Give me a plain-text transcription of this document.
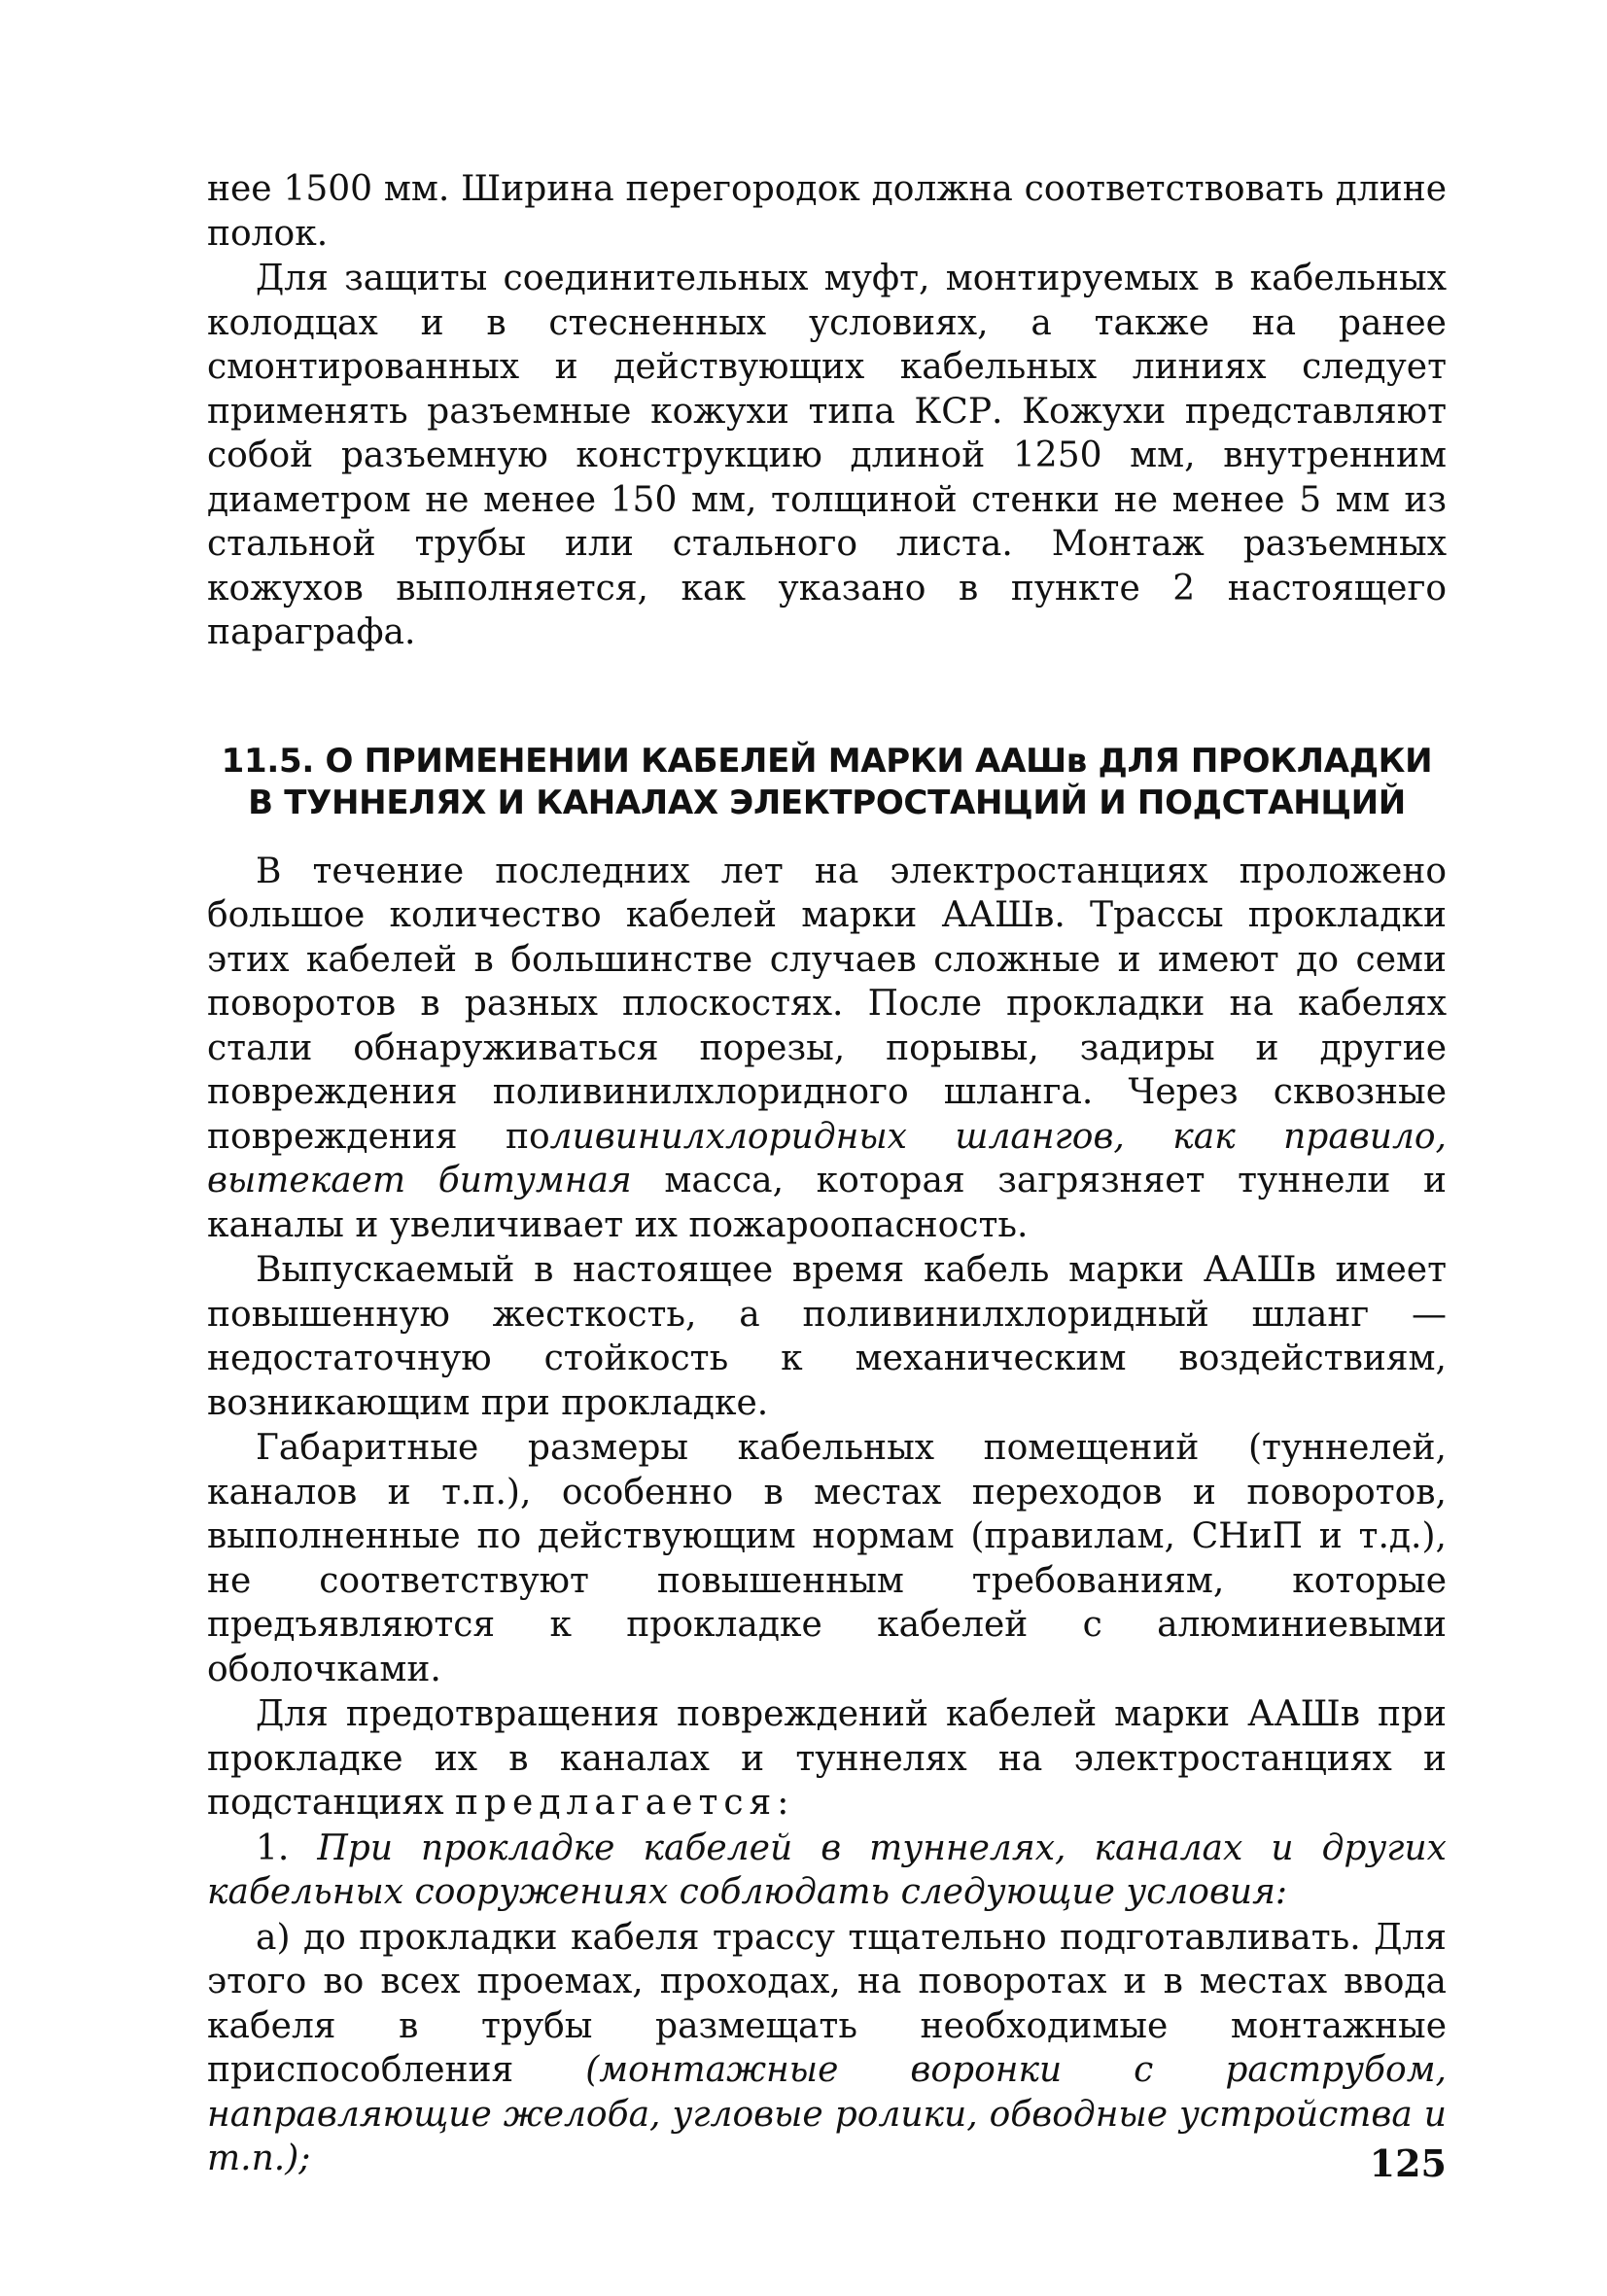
нее 1500 мм. Ширина перегородок должна соответствовать длине полок.

Для защиты соединительных муфт, монтируемых в кабельных колодцах и в стесненных условиях, а также на ранее смонтированных и действующих кабельных линиях следует применять разъемные кожухи типа КСР. Кожухи представляют собой разъемную конструкцию длиной 1250 мм, внутренним диаметром не менее 150 мм, толщиной стенки не менее 5 мм из стальной трубы или стального листа. Монтаж разъемных кожухов выполняется, как указано в пункте 2 настоящего параграфа.

11.5. О ПРИМЕНЕНИИ КАБЕЛЕЙ МАРКИ ААШв ДЛЯ ПРОКЛАДКИ
В ТУННЕЛЯХ И КАНАЛАХ ЭЛЕКТРОСТАНЦИЙ И ПОДСТАНЦИЙ

В течение последних лет на электростанциях проложено большое количество кабелей марки ААШв. Трассы прокладки этих кабелей в большинстве случаев сложные и имеют до семи поворотов в разных плоскостях. После прокладки на кабелях стали обнаруживаться порезы, порывы, задиры и другие повреждения поливинилхлоридного шланга. Через сквозные повреждения поливинилхлоридных шлангов, как правило, вытекает битумная масса, которая загрязняет туннели и каналы и увеличивает их пожароопасность.

Выпускаемый в настоящее время кабель марки ААШв имеет повышенную жесткость, а поливинилхлоридный шланг — недостаточную стойкость к механическим воздействиям, возникающим при прокладке.

Габаритные размеры кабельных помещений (туннелей, каналов и т.п.), особенно в местах переходов и поворотов, выполненные по действующим нормам (правилам, СНиП и т.д.), не соответствуют повышенным требованиям, которые предъявляются к прокладке кабелей с алюминиевыми оболочками.

Для предотвращения повреждений кабелей марки ААШв при прокладке их в каналах и туннелях на электростанциях и подстанциях предлагается:

1. При прокладке кабелей в туннелях, каналах и других кабельных сооружениях соблюдать следующие условия:

а) до прокладки кабеля трассу тщательно подготавливать. Для этого во всех проемах, проходах, на поворотах и в местах ввода кабеля в трубы размещать необходимые монтажные приспособления (монтажные воронки с раструбом, направляющие желоба, угловые ролики, обводные устройства и т.п.);	125
